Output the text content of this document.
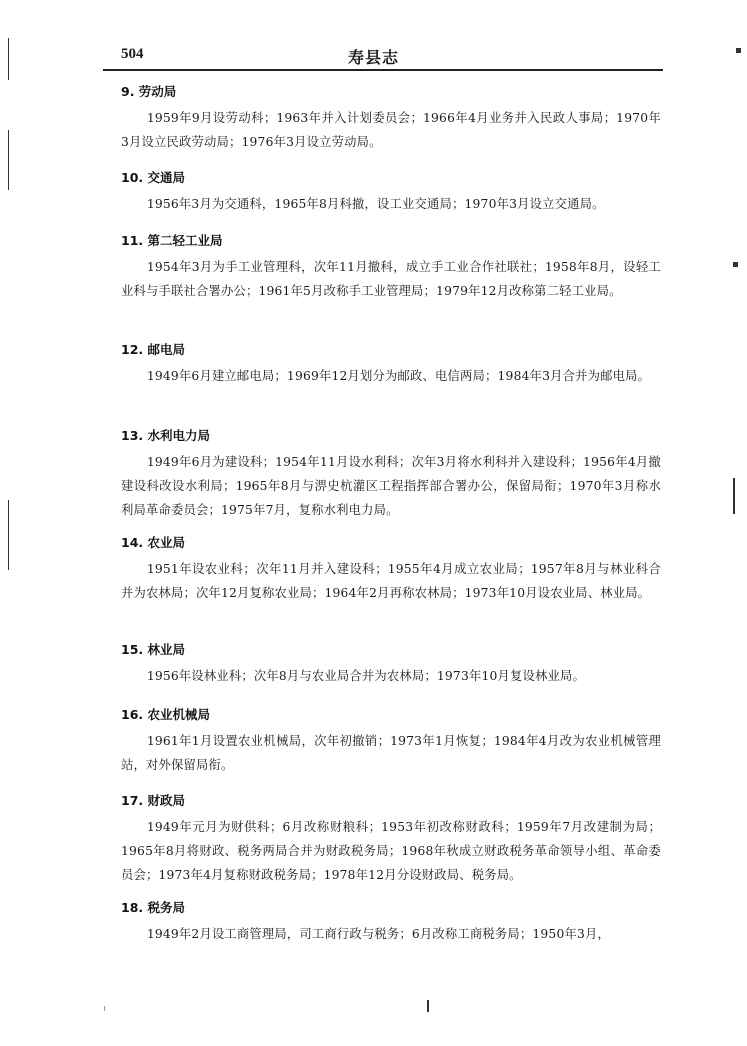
504	寿县志
9. 劳动局

1959年9月设劳动科；1963年并入计划委员会；1966年4月业务并入民政人事局；1970年3月设立民政劳动局；1976年3月设立劳动局。

10. 交通局

1956年3月为交通科，1965年8月科撤，设工业交通局；1970年3月设立交通局。

11. 第二轻工业局

1954年3月为手工业管理科，次年11月撤科，成立手工业合作社联社；1958年8月，设轻工业科与手联社合署办公；1961年5月改称手工业管理局；1979年12月改称第二轻工业局。

12. 邮电局

1949年6月建立邮电局；1969年12月划分为邮政、电信两局；1984年3月合并为邮电局。

13. 水利电力局

1949年6月为建设科；1954年11月设水利科；次年3月将水利科并入建设科；1956年4月撤建设科改设水利局；1965年8月与淠史杭灌区工程指挥部合署办公，保留局衔；1970年3月称水利局革命委员会；1975年7月，复称水利电力局。

14. 农业局

1951年设农业科；次年11月并入建设科；1955年4月成立农业局；1957年8月与林业科合并为农林局；次年12月复称农业局；1964年2月再称农林局；1973年10月设农业局、林业局。

15. 林业局

1956年设林业科；次年8月与农业局合并为农林局；1973年10月复设林业局。

16. 农业机械局

1961年1月设置农业机械局，次年初撤销；1973年1月恢复；1984年4月改为农业机械管理站，对外保留局衔。

17. 财政局

1949年元月为财供科；6月改称财粮科；1953年初改称财政科；1959年7月改建制为局；1965年8月将财政、税务两局合并为财政税务局；1968年秋成立财政税务革命领导小组、革命委员会；1973年4月复称财政税务局；1978年12月分设财政局、税务局。

18. 税务局

1949年2月设工商管理局，司工商行政与税务；6月改称工商税务局；1950年3月，
